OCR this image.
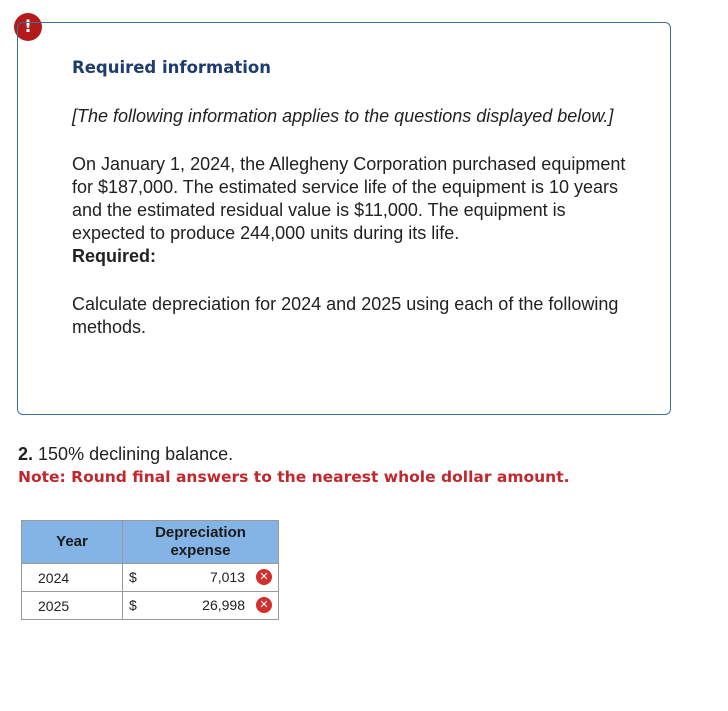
!
Required information

[The following information applies to the questions displayed below.]

On January 1, 2024, the Allegheny Corporation purchased equipment for $187,000. The estimated service life of the equipment is 10 years and the estimated residual value is $11,000. The equipment is expected to produce 244,000 units during its life.

Required:

Calculate depreciation for 2024 and 2025 using each of the following methods.

2. 150% declining balance.
Note: Round final answers to the nearest whole dollar amount.
Year	Depreciation expense
2024	$ 7,013 ✕

2025	$ 26,998 ✕
